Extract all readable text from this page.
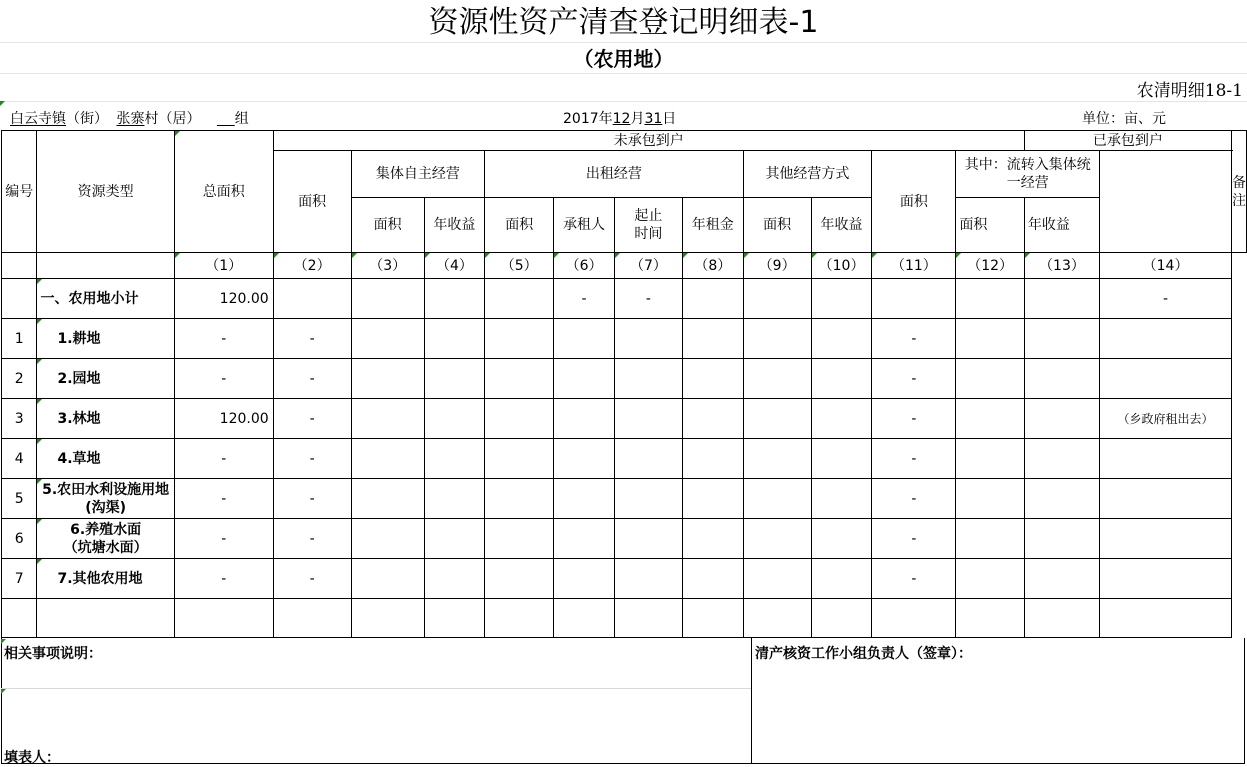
资源性资产清查登记明细表-1
（农用地）
农清明细18-1
白云寺镇（街） 张寨村（居） 组	2017年12月31日	单位：亩、元
编号	资源类型	总面积	未承包到户											已承包到户		备注
			面积	集体自主经营		出租经营				其他经营方式		面积	其中：流转入集体统一经营			
				面积	年收益	面积	承租人	起止时间	年租金	面积	年收益		面积	年收益		
		（1）	（2）	（3）	（4）	（5）	（6）	（7）	（8）	（9）	（10）	（11）	（12）	（13）	（14）	
	一、农用地小计	120.00					-	-							-	
1	1.耕地	-	-									-				
2	2.园地	-	-									-				
3	3.林地	120.00	-									-			（乡政府租出去）	
4	4.草地	-	-									-				
5	5.农田水利设施用地(沟渠)	-	-									-				
6	6.养殖水面（坑塘水面）	-	-									-				
7	7.其他农用地	-	-									-				

相关事项说明：	清产核资工作小组负责人（签章）：
填表人：
